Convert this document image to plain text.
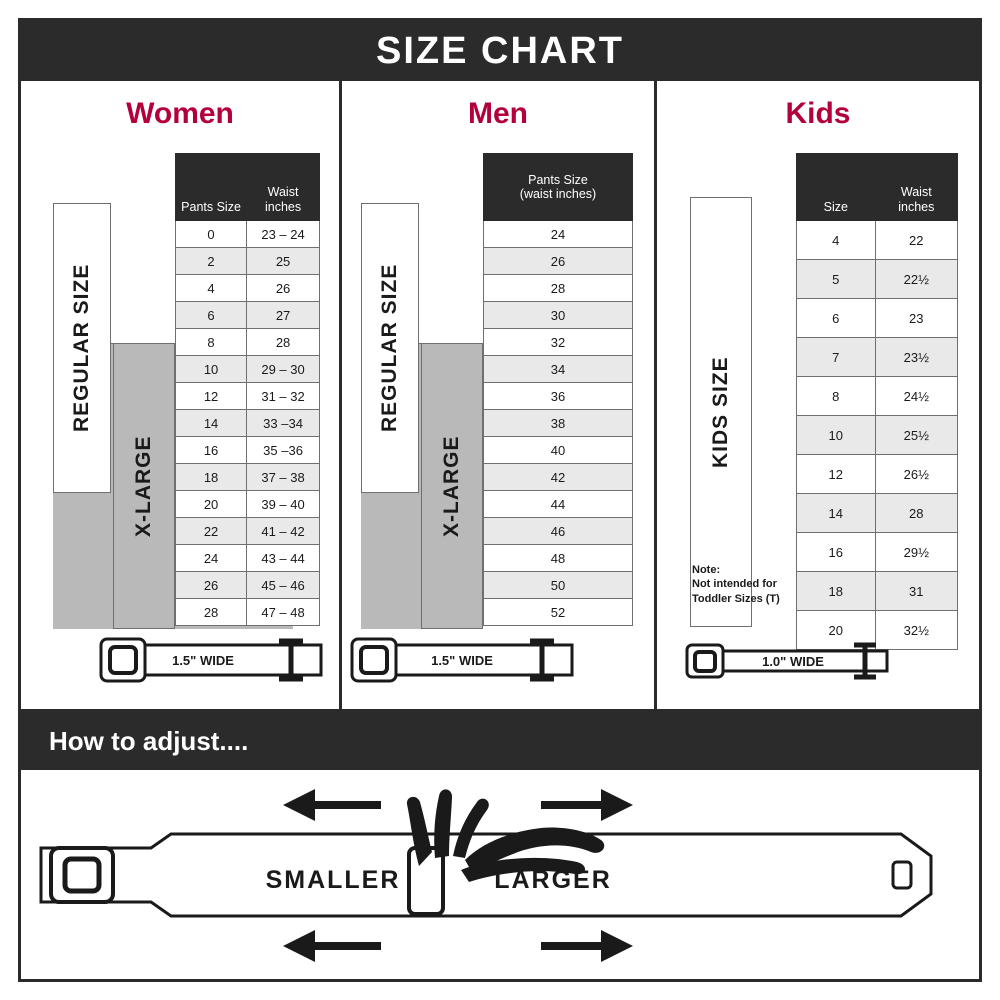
SIZE CHART
Women
REGULAR SIZE
X-LARGE
Pants Size	Waist
inches
0	23 – 24
2	25
4	26
6	27
8	28
10	29 – 30
12	31 – 32
14	33 –34
16	35 –36
18	37 – 38
20	39 – 40
22	41 – 42
24	43 – 44
26	45 – 46
28	47 – 48
1.5" WIDE
Men
REGULAR SIZE
X-LARGE
Pants Size
(waist inches)
24
26
28
30
32
34
36
38
40
42
44
46
48
50
52
1.5" WIDE
Kids
KIDS SIZE
Note:
Not intended for
Toddler Sizes (T)
Size	Waist
inches
4	22
5	22½
6	23
7	23½
8	24½
10	25½
12	26½
14	28
16	29½
18	31
20	32½
1.0" WIDE
How to adjust....
SMALLER	LARGER
